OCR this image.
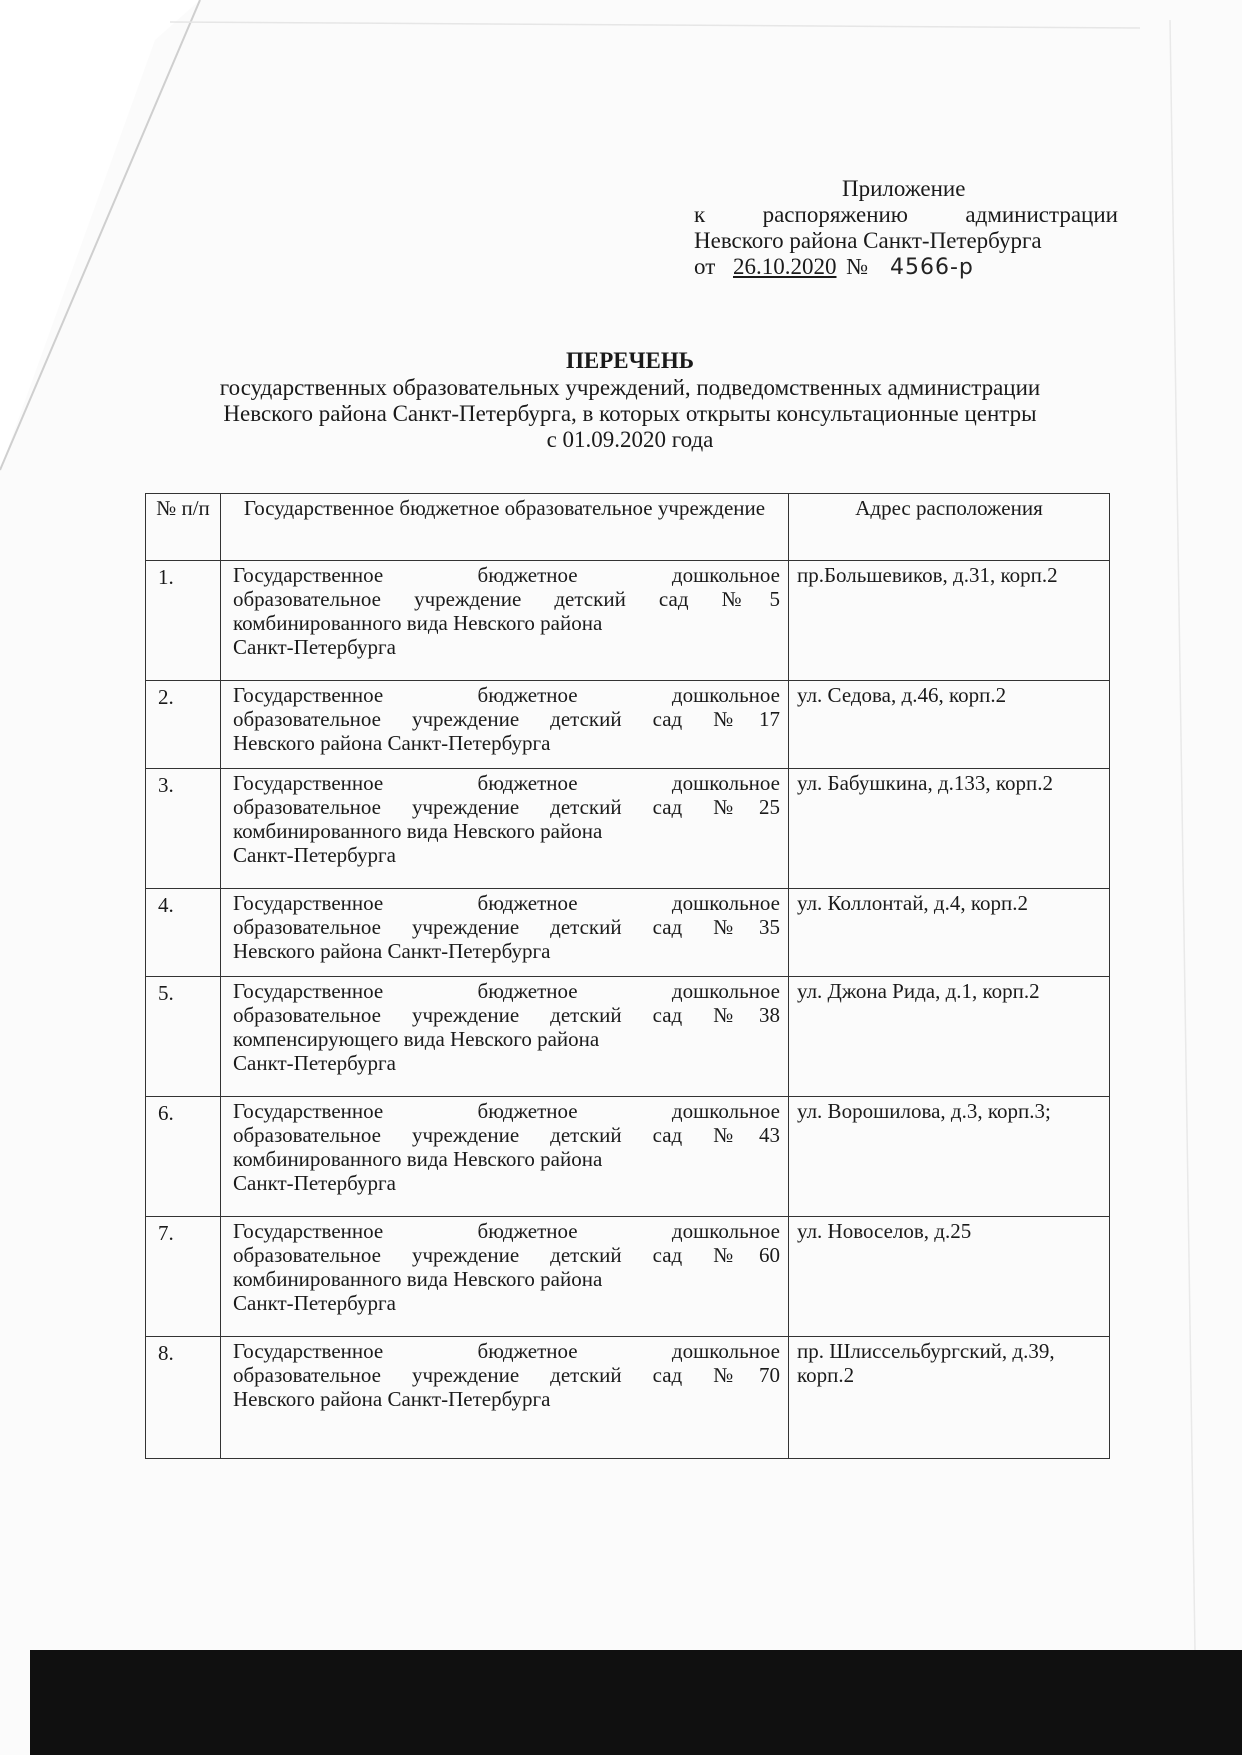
Приложение
к распоряжению администрации
Невского района Санкт-Петербурга
от 26.10.2020 № 4566-р
ПЕРЕЧЕНЬ
государственных образовательных учреждений, подведомственных администрации
Невского района Санкт-Петербурга, в которых открыты консультационные центры
с 01.09.2020 года
№ п/п	Государственное бюджетное образовательное учреждение	Адрес расположения
1.	Государственное бюджетное дошкольное
образовательное учреждение детский сад №5
комбинированного вида Невского района
Санкт-Петербурга	пр.Большевиков, д.31, корп.2
2.	Государственное бюджетное дошкольное
образовательное учреждение детский сад №17
Невского района Санкт-Петербурга	ул. Седова, д.46, корп.2
3.	Государственное бюджетное дошкольное
образовательное учреждение детский сад №25
комбинированного вида Невского района
Санкт-Петербурга	ул. Бабушкина, д.133, корп.2
4.	Государственное бюджетное дошкольное
образовательное учреждение детский сад №35
Невского района Санкт-Петербурга	ул. Коллонтай, д.4, корп.2
5.	Государственное бюджетное дошкольное
образовательное учреждение детский сад №38
компенсирующего вида Невского района
Санкт-Петербурга	ул. Джона Рида, д.1, корп.2
6.	Государственное бюджетное дошкольное
образовательное учреждение детский сад №43
комбинированного вида Невского района
Санкт-Петербурга	ул. Ворошилова, д.3, корп.3;
7.	Государственное бюджетное дошкольное
образовательное учреждение детский сад №60
комбинированного вида Невского района
Санкт-Петербурга	ул. Новоселов, д.25
8.	Государственное бюджетное дошкольное
образовательное учреждение детский сад №70
Невского района Санкт-Петербурга	пр. Шлиссельбургский, д.39, корп.2
